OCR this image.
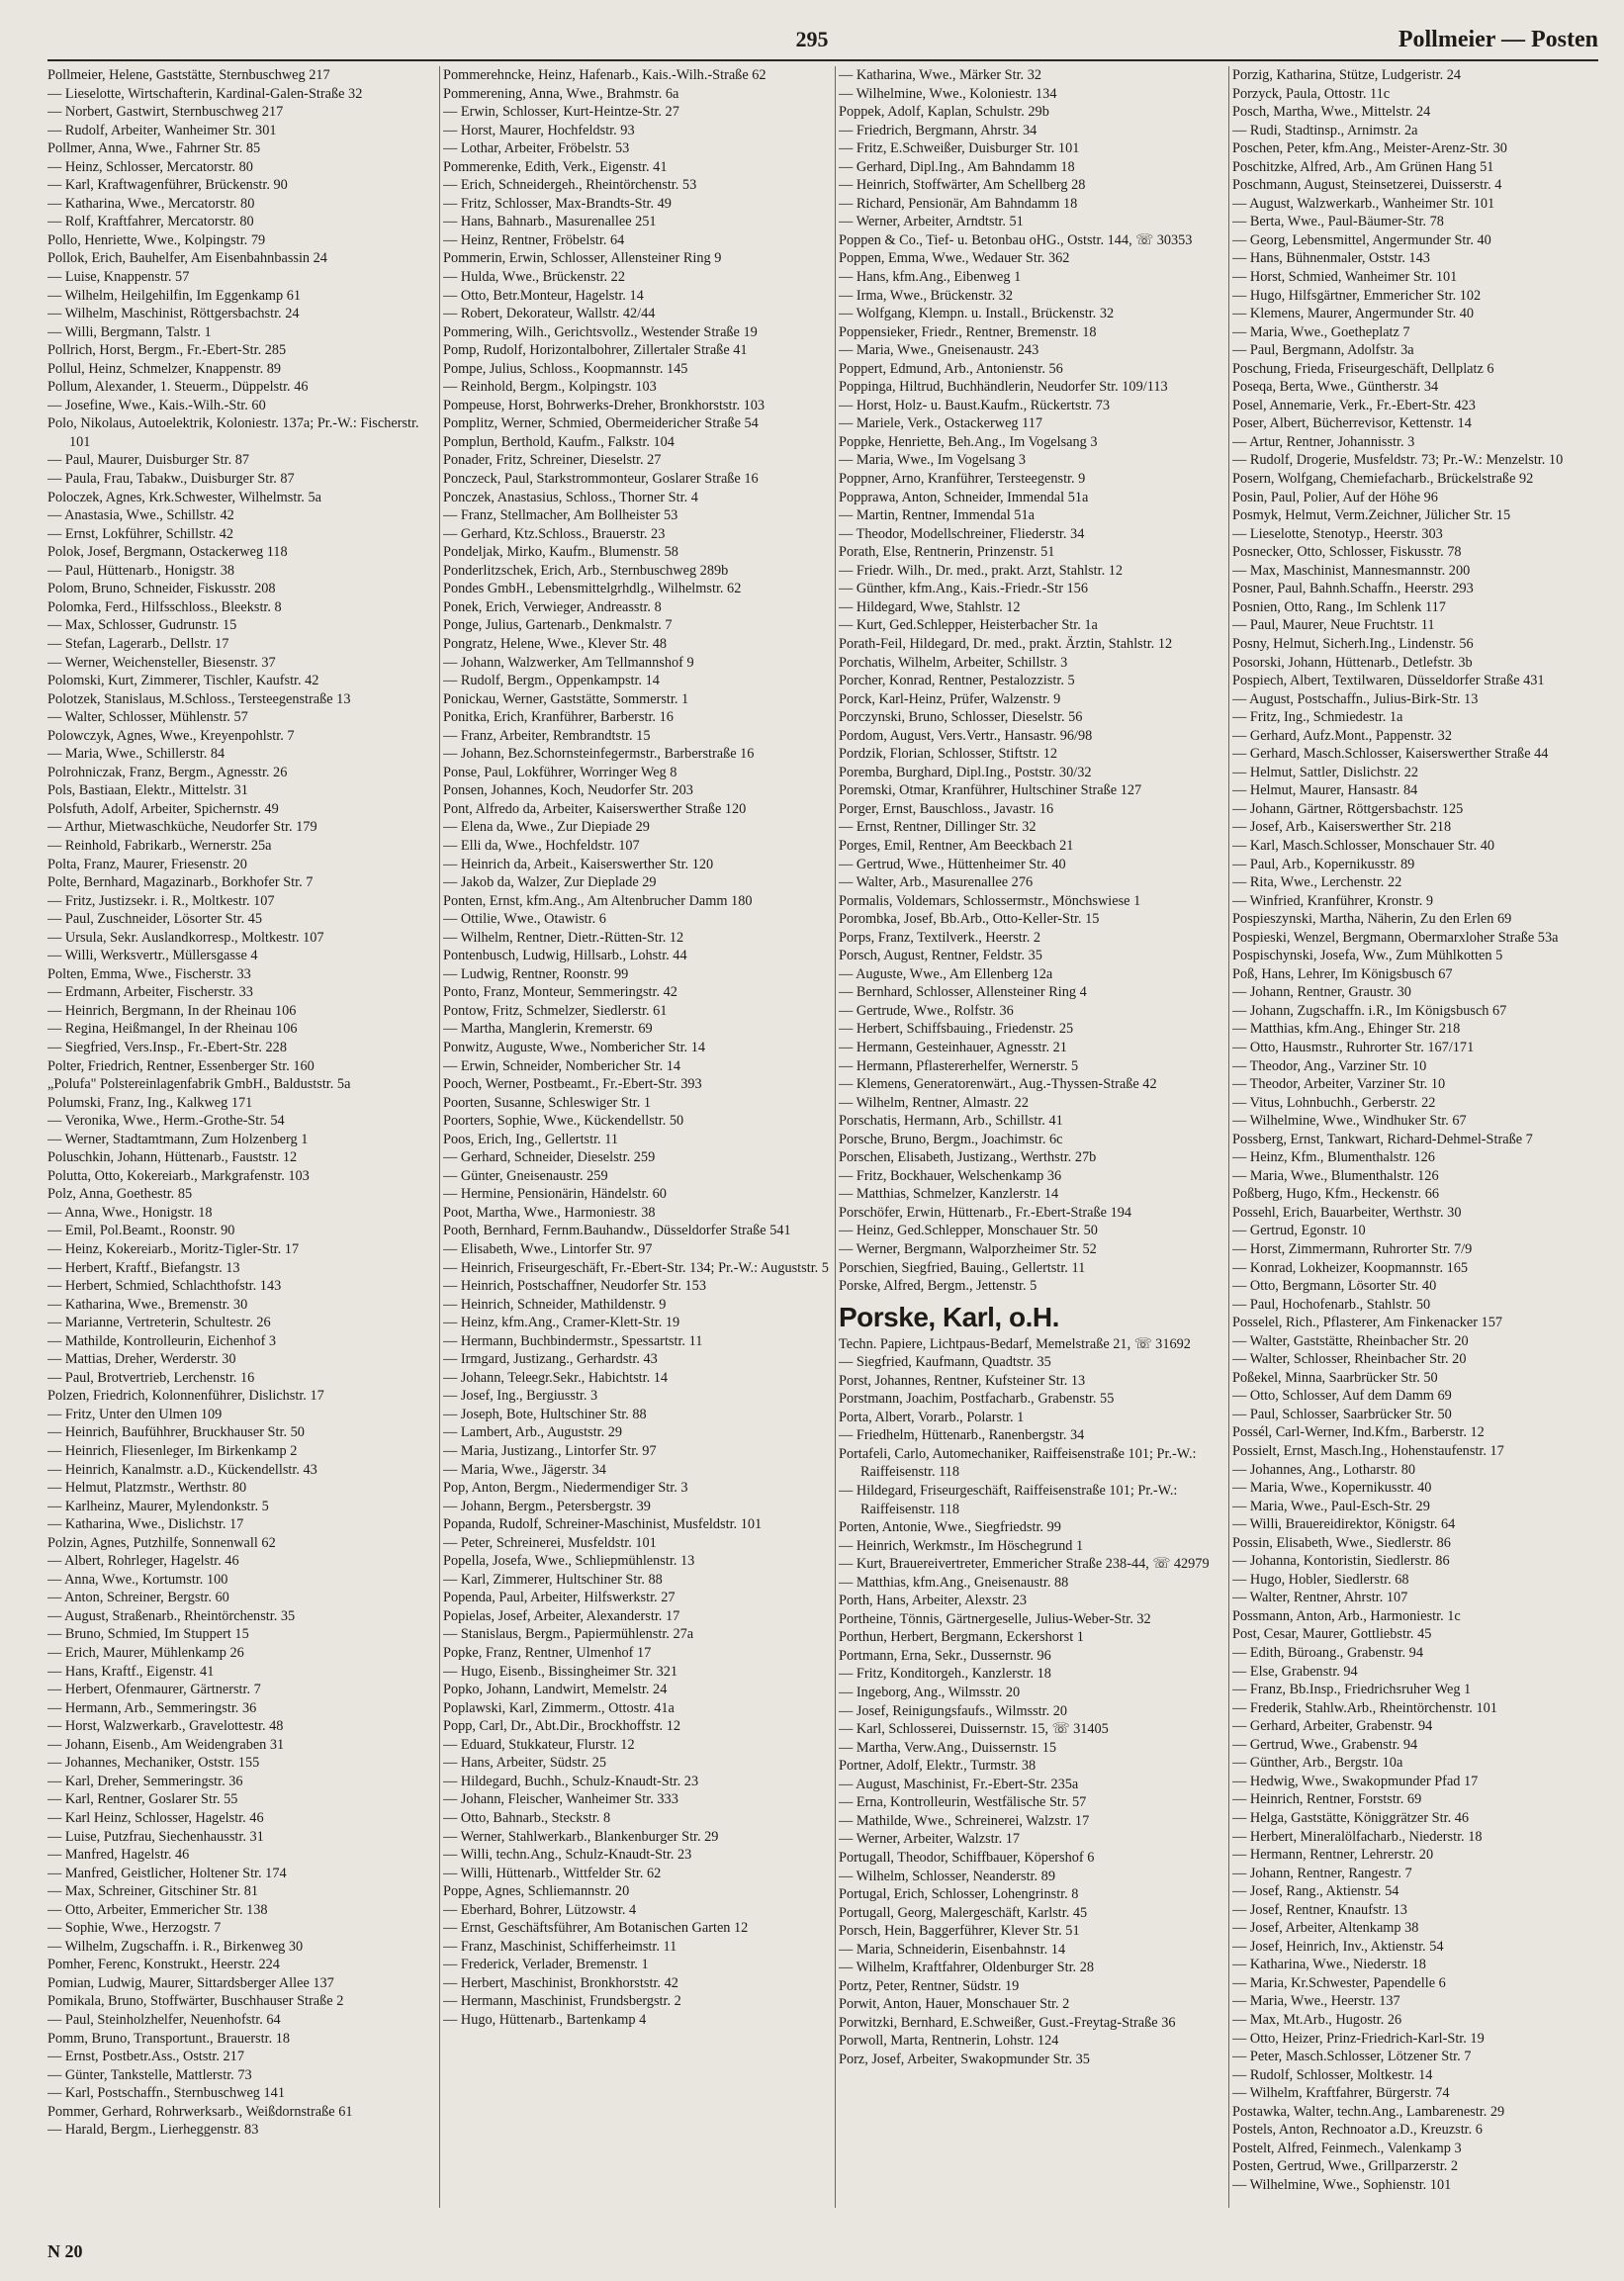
295	Pollmeier — Posten
Pollmeier, Helene, Gaststätte, Sternbuschweg 217
— Lieselotte, Wirtschafterin, Kardinal-Galen-Straße 32
— Norbert, Gastwirt, Sternbuschweg 217
— Rudolf, Arbeiter, Wanheimer Str. 301
Pollmer, Anna, Wwe., Fahrner Str. 85
— Heinz, Schlosser, Mercatorstr. 80
— Karl, Kraftwagenführer, Brückenstr. 90
— Katharina, Wwe., Mercatorstr. 80
— Rolf, Kraftfahrer, Mercatorstr. 80
Pollo, Henriette, Wwe., Kolpingstr. 79
Pollok, Erich, Bauhelfer, Am Eisenbahnbassin 24
— Luise, Knappenstr. 57
— Wilhelm, Heilgehilfin, Im Eggenkamp 61
— Wilhelm, Maschinist, Röttgersbachstr. 24
— Willi, Bergmann, Talstr. 1
Pollrich, Horst, Bergm., Fr.-Ebert-Str. 285
Pollul, Heinz, Schmelzer, Knappenstr. 89
Pollum, Alexander, 1. Steuerm., Düppelstr. 46
— Josefine, Wwe., Kais.-Wilh.-Str. 60
Polo, Nikolaus, Autoelektrik, Koloniestr. 137a; Pr.-W.: Fischerstr. 101
— Paul, Maurer, Duisburger Str. 87
— Paula, Frau, Tabakw., Duisburger Str. 87
Poloczek, Agnes, Krk.Schwester, Wilhelmstr. 5a
— Anastasia, Wwe., Schillstr. 42
— Ernst, Lokführer, Schillstr. 42
Polok, Josef, Bergmann, Ostackerweg 118
— Paul, Hüttenarb., Honigstr. 38
Polom, Bruno, Schneider, Fiskusstr. 208
Polomka, Ferd., Hilfsschloss., Bleekstr. 8
— Max, Schlosser, Gudrunstr. 15
— Stefan, Lagerarb., Dellstr. 17
— Werner, Weichensteller, Biesenstr. 37
Polomski, Kurt, Zimmerer, Tischler, Kaufstr. 42
Polotzek, Stanislaus, M.Schloss., Tersteegenstraße 13
— Walter, Schlosser, Mühlenstr. 57
Polowczyk, Agnes, Wwe., Kreyenpohlstr. 7
— Maria, Wwe., Schillerstr. 84
Polrohniczak, Franz, Bergm., Agnesstr. 26
Pols, Bastiaan, Elektr., Mittelstr. 31
Polsfuth, Adolf, Arbeiter, Spichernstr. 49
— Arthur, Mietwaschküche, Neudorfer Str. 179
— Reinhold, Fabrikarb., Wernerstr. 25a
Polta, Franz, Maurer, Friesenstr. 20
Polte, Bernhard, Magazinarb., Borkhofer Str. 7
— Fritz, Justizsekr. i. R., Moltkestr. 107
— Paul, Zuschneider, Lösorter Str. 45
— Ursula, Sekr. Auslandkorresp., Moltkestr. 107
— Willi, Werksvertr., Müllersgasse 4
Polten, Emma, Wwe., Fischerstr. 33
— Erdmann, Arbeiter, Fischerstr. 33
— Heinrich, Bergmann, In der Rheinau 106
— Regina, Heißmangel, In der Rheinau 106
— Siegfried, Vers.Insp., Fr.-Ebert-Str. 228
Polter, Friedrich, Rentner, Essenberger Str. 160
„Polufa" Polstereinlagenfabrik GmbH., Balduststr. 5a
Polumski, Franz, Ing., Kalkweg 171
— Veronika, Wwe., Herm.-Grothe-Str. 54
— Werner, Stadtamtmann, Zum Holzenberg 1
Poluschkin, Johann, Hüttenarb., Fauststr. 12
Polutta, Otto, Kokereiarb., Markgrafenstr. 103
Polz, Anna, Goethestr. 85
— Anna, Wwe., Honigstr. 18
— Emil, Pol.Beamt., Roonstr. 90
— Heinz, Kokereiarb., Moritz-Tigler-Str. 17
— Herbert, Kraftf., Biefangstr. 13
— Herbert, Schmied, Schlachthofstr. 143
— Katharina, Wwe., Bremenstr. 30
— Marianne, Vertreterin, Schultestr. 26
— Mathilde, Kontrolleurin, Eichenhof 3
— Mattias, Dreher, Werderstr. 30
— Paul, Brotvertrieb, Lerchenstr. 16
Polzen, Friedrich, Kolonnenführer, Dislichstr. 17
— Fritz, Unter den Ulmen 109
— Heinrich, Baufühhrer, Bruckhauser Str. 50
— Heinrich, Fliesenleger, Im Birkenkamp 2
— Heinrich, Kanalmstr. a.D., Kückendellstr. 43
— Helmut, Platzmstr., Werthstr. 80
— Karlheinz, Maurer, Mylendonkstr. 5
— Katharina, Wwe., Dislichstr. 17
Polzin, Agnes, Putzhilfe, Sonnenwall 62
— Albert, Rohrleger, Hagelstr. 46
— Anna, Wwe., Kortumstr. 100
— Anton, Schreiner, Bergstr. 60
— August, Straßenarb., Rheintörchenstr. 35
— Bruno, Schmied, Im Stuppert 15
— Erich, Maurer, Mühlenkamp 26
— Hans, Kraftf., Eigenstr. 41
— Herbert, Ofenmaurer, Gärtnerstr. 7
— Hermann, Arb., Semmeringstr. 36
— Horst, Walzwerkarb., Gravelottestr. 48
— Johann, Eisenb., Am Weidengraben 31
— Johannes, Mechaniker, Oststr. 155
— Karl, Dreher, Semmeringstr. 36
— Karl, Rentner, Goslarer Str. 55
— Karl Heinz, Schlosser, Hagelstr. 46
— Luise, Putzfrau, Siechenhausstr. 31
— Manfred, Hagelstr. 46
— Manfred, Geistlicher, Holtener Str. 174
— Max, Schreiner, Gitschiner Str. 81
— Otto, Arbeiter, Emmericher Str. 138
— Sophie, Wwe., Herzogstr. 7
— Wilhelm, Zugschaffn. i. R., Birkenweg 30
Pomher, Ferenc, Konstrukt., Heerstr. 224
Pomian, Ludwig, Maurer, Sittardsberger Allee 137
Pomikala, Bruno, Stoffwärter, Buschhauser Straße 2
— Paul, Steinholzhelfer, Neuenhofstr. 64
Pomm, Bruno, Transportunt., Brauerstr. 18
— Ernst, Postbetr.Ass., Oststr. 217
— Günter, Tankstelle, Mattlerstr. 73
— Karl, Postschaffn., Sternbuschweg 141
Pommer, Gerhard, Rohrwerksarb., Weißdornstraße 61
— Harald, Bergm., Lierheggenstr. 83
Pommerehncke, Heinz, Hafenarb., Kais.-Wilh.-Straße 62
Pommerening, Anna, Wwe., Brahmstr. 6a
— Erwin, Schlosser, Kurt-Heintze-Str. 27
— Horst, Maurer, Hochfeldstr. 93
— Lothar, Arbeiter, Fröbelstr. 53
Pommerenke, Edith, Verk., Eigenstr. 41
— Erich, Schneidergeh., Rheintörchenstr. 53
— Fritz, Schlosser, Max-Brandts-Str. 49
— Hans, Bahnarb., Masurenallee 251
— Heinz, Rentner, Fröbelstr. 64
Pommerin, Erwin, Schlosser, Allensteiner Ring 9
— Hulda, Wwe., Brückenstr. 22
— Otto, Betr.Monteur, Hagelstr. 14
— Robert, Dekorateur, Wallstr. 42/44
Pommering, Wilh., Gerichtsvollz., Westender Straße 19
Pomp, Rudolf, Horizontalbohrer, Zillertaler Straße 41
Pompe, Julius, Schloss., Koopmannstr. 145
— Reinhold, Bergm., Kolpingstr. 103
Pompeuse, Horst, Bohrwerks-Dreher, Bronkhorststr. 103
Pomplitz, Werner, Schmied, Obermeidericher Straße 54
Pomplun, Berthold, Kaufm., Falkstr. 104
Ponader, Fritz, Schreiner, Dieselstr. 27
Ponczeck, Paul, Starkstrommonteur, Goslarer Straße 16
Ponczek, Anastasius, Schloss., Thorner Str. 4
— Franz, Stellmacher, Am Bollheister 53
— Gerhard, Ktz.Schloss., Brauerstr. 23
Pondeljak, Mirko, Kaufm., Blumenstr. 58
Ponderlitzschek, Erich, Arb., Sternbuschweg 289b
Pondes GmbH., Lebensmittelgrhdlg., Wilhelmstr. 62
Ponek, Erich, Verwieger, Andreasstr. 8
Ponge, Julius, Gartenarb., Denkmalstr. 7
Pongratz, Helene, Wwe., Klever Str. 48
— Johann, Walzwerker, Am Tellmannshof 9
— Rudolf, Bergm., Oppenkampstr. 14
Ponickau, Werner, Gaststätte, Sommerstr. 1
Ponitka, Erich, Kranführer, Barberstr. 16
— Franz, Arbeiter, Rembrandtstr. 15
— Johann, Bez.Schornsteinfegermstr., Barberstraße 16
Ponse, Paul, Lokführer, Worringer Weg 8
Ponsen, Johannes, Koch, Neudorfer Str. 203
Pont, Alfredo da, Arbeiter, Kaiserswerther Straße 120
— Elena da, Wwe., Zur Diepiade 29
— Elli da, Wwe., Hochfeldstr. 107
— Heinrich da, Arbeit., Kaiserswerther Str. 120
— Jakob da, Walzer, Zur Dieplade 29
Ponten, Ernst, kfm.Ang., Am Altenbrucher Damm 180
— Ottilie, Wwe., Otawistr. 6
— Wilhelm, Rentner, Dietr.-Rütten-Str. 12
Pontenbusch, Ludwig, Hillsarb., Lohstr. 44
— Ludwig, Rentner, Roonstr. 99
Ponto, Franz, Monteur, Semmeringstr. 42
Pontow, Fritz, Schmelzer, Siedlerstr. 61
— Martha, Manglerin, Kremerstr. 69
Ponwitz, Auguste, Wwe., Nombericher Str. 14
— Erwin, Schneider, Nombericher Str. 14
Pooch, Werner, Postbeamt., Fr.-Ebert-Str. 393
Poorten, Susanne, Schleswiger Str. 1
Poorters, Sophie, Wwe., Kückendellstr. 50
Poos, Erich, Ing., Gellertstr. 11
— Gerhard, Schneider, Dieselstr. 259
— Günter, Gneisenaustr. 259
— Hermine, Pensionärin, Händelstr. 60
Poot, Martha, Wwe., Harmoniestr. 38
Pooth, Bernhard, Fernm.Bauhandw., Düsseldorfer Straße 541
— Elisabeth, Wwe., Lintorfer Str. 97
— Heinrich, Friseurgeschäft, Fr.-Ebert-Str. 134; Pr.-W.: Auguststr. 5
— Heinrich, Postschaffner, Neudorfer Str. 153
— Heinrich, Schneider, Mathildenstr. 9
— Heinz, kfm.Ang., Cramer-Klett-Str. 19
— Hermann, Buchbindermstr., Spessartstr. 11
— Irmgard, Justizang., Gerhardstr. 43
— Johann, Teleegr.Sekr., Habichtstr. 14
— Josef, Ing., Bergiusstr. 3
— Joseph, Bote, Hultschiner Str. 88
— Lambert, Arb., Auguststr. 29
— Maria, Justizang., Lintorfer Str. 97
— Maria, Wwe., Jägerstr. 34
Pop, Anton, Bergm., Niedermendiger Str. 3
— Johann, Bergm., Petersbergstr. 39
Popanda, Rudolf, Schreiner-Maschinist, Musfeldstr. 101
— Peter, Schreinerei, Musfeldstr. 101
Popella, Josefa, Wwe., Schliepmühlenstr. 13
— Karl, Zimmerer, Hultschiner Str. 88
Popenda, Paul, Arbeiter, Hilfswerkstr. 27
Popielas, Josef, Arbeiter, Alexanderstr. 17
— Stanislaus, Bergm., Papiermühlenstr. 27a
Popke, Franz, Rentner, Ulmenhof 17
— Hugo, Eisenb., Bissingheimer Str. 321
Popko, Johann, Landwirt, Memelstr. 24
Poplawski, Karl, Zimmerm., Ottostr. 41a
Popp, Carl, Dr., Abt.Dir., Brockhoffstr. 12
— Eduard, Stukkateur, Flurstr. 12
— Hans, Arbeiter, Südstr. 25
— Hildegard, Buchh., Schulz-Knaudt-Str. 23
— Johann, Fleischer, Wanheimer Str. 333
— Otto, Bahnarb., Steckstr. 8
— Werner, Stahlwerkarb., Blankenburger Str. 29
— Willi, techn.Ang., Schulz-Knaudt-Str. 23
— Willi, Hüttenarb., Wittfelder Str. 62
Poppe, Agnes, Schliemannstr. 20
— Eberhard, Bohrer, Lützowstr. 4
— Ernst, Geschäftsführer, Am Botanischen Garten 12
— Franz, Maschinist, Schifferheimstr. 11
— Frederick, Verlader, Bremenstr. 1
— Herbert, Maschinist, Bronkhorststr. 42
— Hermann, Maschinist, Frundsbergstr. 2
— Hugo, Hüttenarb., Bartenkamp 4
— Katharina, Wwe., Märker Str. 32
— Wilhelmine, Wwe., Koloniestr. 134
Poppek, Adolf, Kaplan, Schulstr. 29b
— Friedrich, Bergmann, Ahrstr. 34
— Fritz, E.Schweißer, Duisburger Str. 101
— Gerhard, Dipl.Ing., Am Bahndamm 18
— Heinrich, Stoffwärter, Am Schellberg 28
— Richard, Pensionär, Am Bahndamm 18
— Werner, Arbeiter, Arndtstr. 51
Poppen & Co., Tief- u. Betonbau oHG., Oststr. 144, ☏ 30353
Poppen, Emma, Wwe., Wedauer Str. 362
— Hans, kfm.Ang., Eibenweg 1
— Irma, Wwe., Brückenstr. 32
— Wolfgang, Klempn. u. Install., Brückenstr. 32
Poppensieker, Friedr., Rentner, Bremenstr. 18
— Maria, Wwe., Gneisenaustr. 243
Poppert, Edmund, Arb., Antonienstr. 56
Poppinga, Hiltrud, Buchhändlerin, Neudorfer Str. 109/113
— Horst, Holz- u. Baust.Kaufm., Rückertstr. 73
— Mariele, Verk., Ostackerweg 117
Poppke, Henriette, Beh.Ang., Im Vogelsang 3
— Maria, Wwe., Im Vogelsang 3
Poppner, Arno, Kranführer, Tersteegenstr. 9
Popprawa, Anton, Schneider, Immendal 51a
— Martin, Rentner, Immendal 51a
— Theodor, Modellschreiner, Fliederstr. 34
Porath, Else, Rentnerin, Prinzenstr. 51
— Friedr. Wilh., Dr. med., prakt. Arzt, Stahlstr. 12
— Günther, kfm.Ang., Kais.-Friedr.-Str 156
— Hildegard, Wwe, Stahlstr. 12
— Kurt, Ged.Schlepper, Heisterbacher Str. 1a
Porath-Feil, Hildegard, Dr. med., prakt. Ärztin, Stahlstr. 12
Porchatis, Wilhelm, Arbeiter, Schillstr. 3
Porcher, Konrad, Rentner, Pestalozzistr. 5
Porck, Karl-Heinz, Prüfer, Walzenstr. 9
Porczynski, Bruno, Schlosser, Dieselstr. 56
Pordom, August, Vers.Vertr., Hansastr. 96/98
Pordzik, Florian, Schlosser, Stiftstr. 12
Poremba, Burghard, Dipl.Ing., Poststr. 30/32
Poremski, Otmar, Kranführer, Hultschiner Straße 127
Porger, Ernst, Bauschloss., Javastr. 16
— Ernst, Rentner, Dillinger Str. 32
Porges, Emil, Rentner, Am Beeckbach 21
— Gertrud, Wwe., Hüttenheimer Str. 40
— Walter, Arb., Masurenallee 276
Pormalis, Voldemars, Schlossermstr., Mönchswiese 1
Porombka, Josef, Bb.Arb., Otto-Keller-Str. 15
Porps, Franz, Textilverk., Heerstr. 2
Porsch, August, Rentner, Feldstr. 35
— Auguste, Wwe., Am Ellenberg 12a
— Bernhard, Schlosser, Allensteiner Ring 4
— Gertrude, Wwe., Rolfstr. 36
— Herbert, Schiffsbauing., Friedenstr. 25
— Hermann, Gesteinhauer, Agnesstr. 21
— Hermann, Pflastererhelfer, Wernerstr. 5
— Klemens, Generatorenwärt., Aug.-Thyssen-Straße 42
— Wilhelm, Rentner, Almastr. 22
Porschatis, Hermann, Arb., Schillstr. 41
Porsche, Bruno, Bergm., Joachimstr. 6c
Porschen, Elisabeth, Justizang., Werthstr. 27b
— Fritz, Bockhauer, Welschenkamp 36
— Matthias, Schmelzer, Kanzlerstr. 14
Porschöfer, Erwin, Hüttenarb., Fr.-Ebert-Straße 194
— Heinz, Ged.Schlepper, Monschauer Str. 50
— Werner, Bergmann, Walporzheimer Str. 52
Porschien, Siegfried, Bauing., Gellertstr. 11
Porske, Alfred, Bergm., Jettenstr. 5
Porske, Karl, o.H.
Techn. Papiere, Lichtpaus-Bedarf, Memelstraße 21, ☏ 31692
— Siegfried, Kaufmann, Quadtstr. 35
Porst, Johannes, Rentner, Kufsteiner Str. 13
Porstmann, Joachim, Postfacharb., Grabenstr. 55
Porta, Albert, Vorarb., Polarstr. 1
— Friedhelm, Hüttenarb., Ranenbergstr. 34
Portafeli, Carlo, Automechaniker, Raiffeisenstraße 101; Pr.-W.: Raiffeisenstr. 118
— Hildegard, Friseurgeschäft, Raiffeisenstraße 101; Pr.-W.: Raiffeisenstr. 118
Porten, Antonie, Wwe., Siegfriedstr. 99
— Heinrich, Werkmstr., Im Höschegrund 1
— Kurt, Brauereivertreter, Emmericher Straße 238-44, ☏ 42979
— Matthias, kfm.Ang., Gneisenaustr. 88
Porth, Hans, Arbeiter, Alexstr. 23
Portheine, Tönnis, Gärtnergeselle, Julius-Weber-Str. 32
Porthun, Herbert, Bergmann, Eckershorst 1
Portmann, Erna, Sekr., Dussernstr. 96
— Fritz, Konditorgeh., Kanzlerstr. 18
— Ingeborg, Ang., Wilmsstr. 20
— Josef, Reinigungsfaufs., Wilmsstr. 20
— Karl, Schlosserei, Duissernstr. 15, ☏ 31405
— Martha, Verw.Ang., Duissernstr. 15
Portner, Adolf, Elektr., Turmstr. 38
— August, Maschinist, Fr.-Ebert-Str. 235a
— Erna, Kontrolleurin, Westfälische Str. 57
— Mathilde, Wwe., Schreinerei, Walzstr. 17
— Werner, Arbeiter, Walzstr. 17
Portugall, Theodor, Schiffbauer, Köpershof 6
— Wilhelm, Schlosser, Neanderstr. 89
Portugal, Erich, Schlosser, Lohengrinstr. 8
Portugall, Georg, Malergeschäft, Karlstr. 45
Porsch, Hein, Baggerführer, Klever Str. 51
— Maria, Schneiderin, Eisenbahnstr. 14
— Wilhelm, Kraftfahrer, Oldenburger Str. 28
Portz, Peter, Rentner, Südstr. 19
Porwit, Anton, Hauer, Monschauer Str. 2
Porwitzki, Bernhard, E.Schweißer, Gust.-Freytag-Straße 36
Porwoll, Marta, Rentnerin, Lohstr. 124
Porz, Josef, Arbeiter, Swakopmunder Str. 35
Porzig, Katharina, Stütze, Ludgeristr. 24
Porzyck, Paula, Ottostr. 11c
Posch, Martha, Wwe., Mittelstr. 24
— Rudi, Stadtinsp., Arnimstr. 2a
Poschen, Peter, kfm.Ang., Meister-Arenz-Str. 30
Poschitzke, Alfred, Arb., Am Grünen Hang 51
Poschmann, August, Steinsetzerei, Duisserstr. 4
— August, Walzwerkarb., Wanheimer Str. 101
— Berta, Wwe., Paul-Bäumer-Str. 78
— Georg, Lebensmittel, Angermunder Str. 40
— Hans, Bühnenmaler, Oststr. 143
— Horst, Schmied, Wanheimer Str. 101
— Hugo, Hilfsgärtner, Emmericher Str. 102
— Klemens, Maurer, Angermunder Str. 40
— Maria, Wwe., Goetheplatz 7
— Paul, Bergmann, Adolfstr. 3a
Poschung, Frieda, Friseurgeschäft, Dellplatz 6
Poseqa, Berta, Wwe., Güntherstr. 34
Posel, Annemarie, Verk., Fr.-Ebert-Str. 423
Poser, Albert, Bücherrevisor, Kettenstr. 14
— Artur, Rentner, Johannisstr. 3
— Rudolf, Drogerie, Musfeldstr. 73; Pr.-W.: Menzelstr. 10
Posern, Wolfgang, Chemiefacharb., Brückelstraße 92
Posin, Paul, Polier, Auf der Höhe 96
Posmyk, Helmut, Verm.Zeichner, Jülicher Str. 15
— Lieselotte, Stenotyp., Heerstr. 303
Posnecker, Otto, Schlosser, Fiskusstr. 78
— Max, Maschinist, Mannesmannstr. 200
Posner, Paul, Bahnh.Schaffn., Heerstr. 293
Posnien, Otto, Rang., Im Schlenk 117
— Paul, Maurer, Neue Fruchtstr. 11
Posny, Helmut, Sicherh.Ing., Lindenstr. 56
Posorski, Johann, Hüttenarb., Detlefstr. 3b
Pospiech, Albert, Textilwaren, Düsseldorfer Straße 431
— August, Postschaffn., Julius-Birk-Str. 13
— Fritz, Ing., Schmiedestr. 1a
— Gerhard, Aufz.Mont., Pappenstr. 32
— Gerhard, Masch.Schlosser, Kaiserswerther Straße 44
— Helmut, Sattler, Dislichstr. 22
— Helmut, Maurer, Hansastr. 84
— Johann, Gärtner, Röttgersbachstr. 125
— Josef, Arb., Kaiserswerther Str. 218
— Karl, Masch.Schlosser, Monschauer Str. 40
— Paul, Arb., Kopernikusstr. 89
— Rita, Wwe., Lerchenstr. 22
— Winfried, Kranführer, Kronstr. 9
Pospieszynski, Martha, Näherin, Zu den Erlen 69
Pospieski, Wenzel, Bergmann, Obermarxloher Straße 53a
Pospischynski, Josefa, Ww., Zum Mühlkotten 5
Poß, Hans, Lehrer, Im Königsbusch 67
— Johann, Rentner, Graustr. 30
— Johann, Zugschaffn. i.R., Im Königsbusch 67
— Matthias, kfm.Ang., Ehinger Str. 218
— Otto, Hausmstr., Ruhrorter Str. 167/171
— Theodor, Ang., Varziner Str. 10
— Theodor, Arbeiter, Varziner Str. 10
— Vitus, Lohnbuchh., Gerberstr. 22
— Wilhelmine, Wwe., Windhuker Str. 67
Possberg, Ernst, Tankwart, Richard-Dehmel-Straße 7
— Heinz, Kfm., Blumenthalstr. 126
— Maria, Wwe., Blumenthalstr. 126
Poßberg, Hugo, Kfm., Heckenstr. 66
Possehl, Erich, Bauarbeiter, Werthstr. 30
— Gertrud, Egonstr. 10
— Horst, Zimmermann, Ruhrorter Str. 7/9
— Konrad, Lokheizer, Koopmannstr. 165
— Otto, Bergmann, Lösorter Str. 40
— Paul, Hochofenarb., Stahlstr. 50
Posselel, Rich., Pflasterer, Am Finkenacker 157
— Walter, Gaststätte, Rheinbacher Str. 20
— Walter, Schlosser, Rheinbacher Str. 20
Poßekel, Minna, Saarbrücker Str. 50
— Otto, Schlosser, Auf dem Damm 69
— Paul, Schlosser, Saarbrücker Str. 50
Possél, Carl-Werner, Ind.Kfm., Barberstr. 12
Possielt, Ernst, Masch.Ing., Hohenstaufenstr. 17
— Johannes, Ang., Lotharstr. 80
— Maria, Wwe., Kopernikusstr. 40
— Maria, Wwe., Paul-Esch-Str. 29
— Willi, Brauereidirektor, Königstr. 64
Possin, Elisabeth, Wwe., Siedlerstr. 86
— Johanna, Kontoristin, Siedlerstr. 86
— Hugo, Hobler, Siedlerstr. 68
— Walter, Rentner, Ahrstr. 107
Possmann, Anton, Arb., Harmoniestr. 1c
Post, Cesar, Maurer, Gottliebstr. 45
— Edith, Büroang., Grabenstr. 94
— Else, Grabenstr. 94
— Franz, Bb.Insp., Friedrichsruher Weg 1
— Frederik, Stahlw.Arb., Rheintörchenstr. 101
— Gerhard, Arbeiter, Grabenstr. 94
— Gertrud, Wwe., Grabenstr. 94
— Günther, Arb., Bergstr. 10a
— Hedwig, Wwe., Swakopmunder Pfad 17
— Heinrich, Rentner, Forststr. 69
— Helga, Gaststätte, Königgrätzer Str. 46
— Herbert, Mineralölfacharb., Niederstr. 18
— Hermann, Rentner, Lehrerstr. 20
— Johann, Rentner, Rangestr. 7
— Josef, Rang., Aktienstr. 54
— Josef, Rentner, Knaufstr. 13
— Josef, Arbeiter, Altenkamp 38
— Josef, Heinrich, Inv., Aktienstr. 54
— Katharina, Wwe., Niederstr. 18
— Maria, Kr.Schwester, Papendelle 6
— Maria, Wwe., Heerstr. 137
— Max, Mt.Arb., Hugostr. 26
— Otto, Heizer, Prinz-Friedrich-Karl-Str. 19
— Peter, Masch.Schlosser, Lötzener Str. 7
— Rudolf, Schlosser, Moltkestr. 14
— Wilhelm, Kraftfahrer, Bürgerstr. 74
Postawka, Walter, techn.Ang., Lambarenestr. 29
Postels, Anton, Rechnoator a.D., Kreuzstr. 6
Postelt, Alfred, Feinmech., Valenkamp 3
Posten, Gertrud, Wwe., Grillparzerstr. 2
— Wilhelmine, Wwe., Sophienstr. 101
N 20
